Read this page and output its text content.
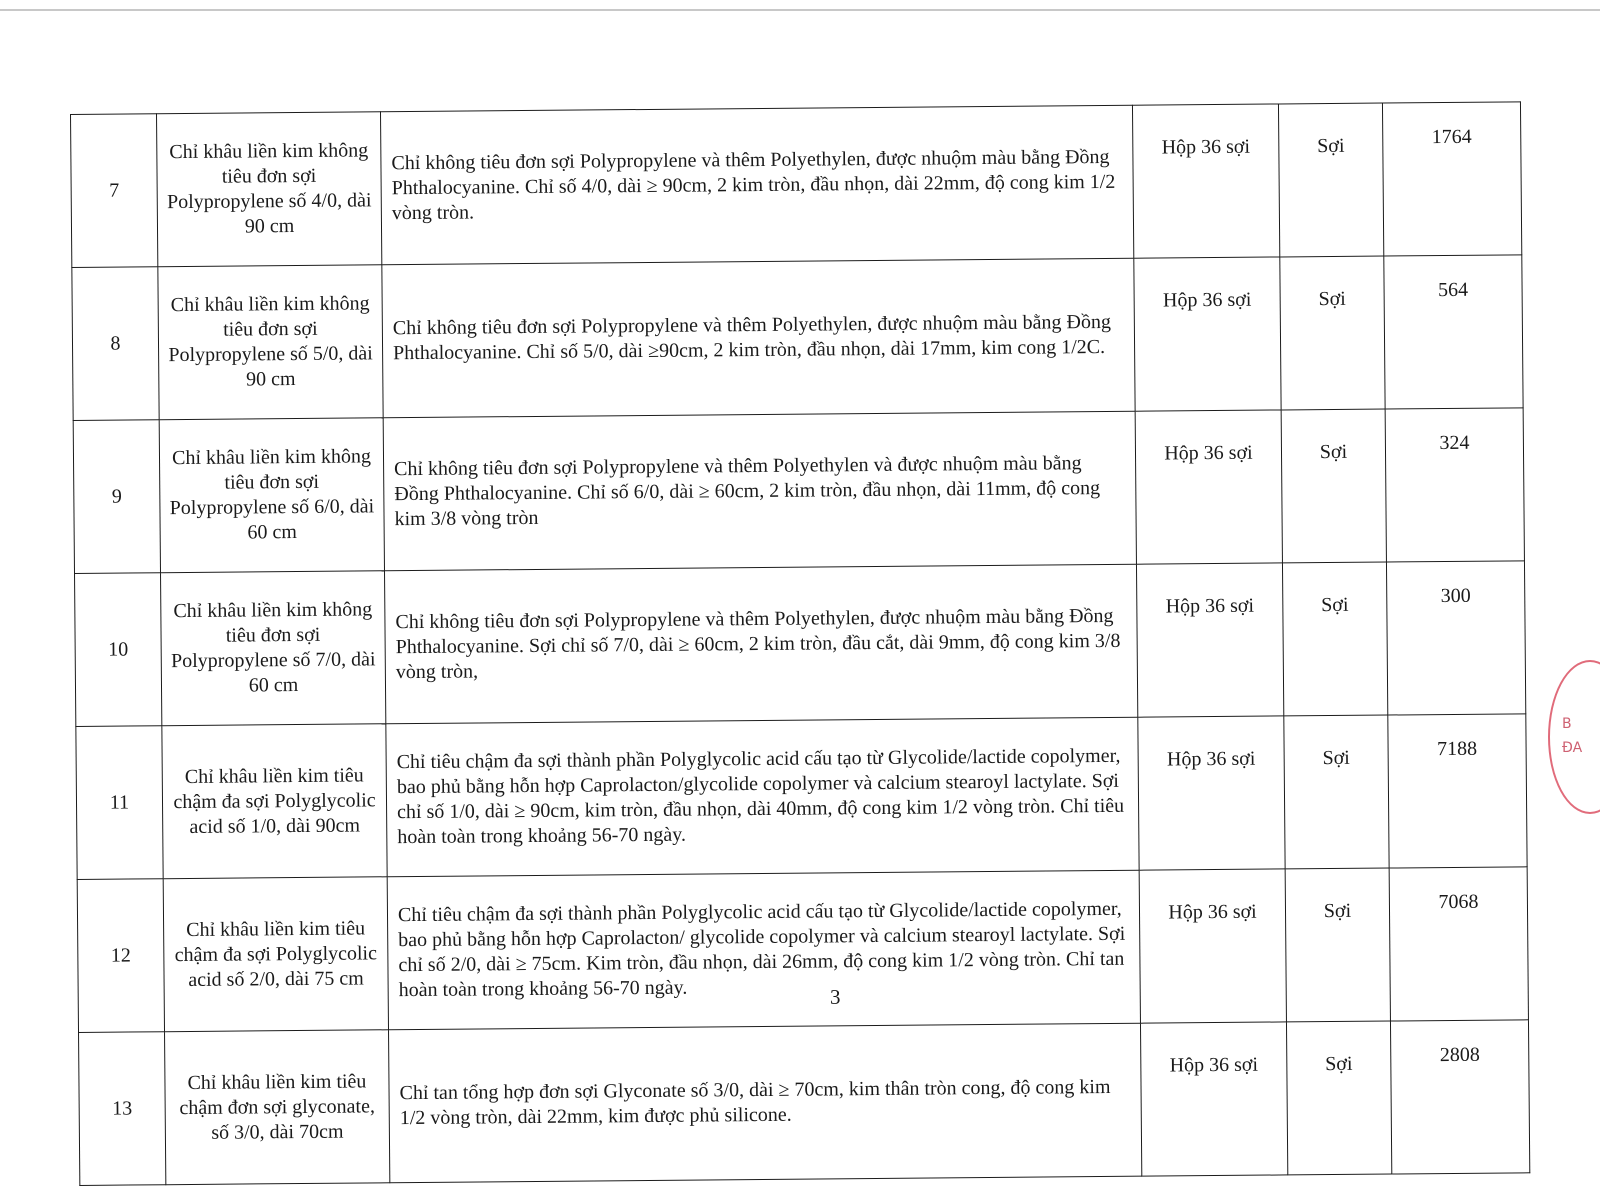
7	Chỉ khâu liền kim không tiêu đơn sợi Polypropylene số 4/0, dài 90 cm	Chỉ không tiêu đơn sợi Polypropylene và thêm Polyethylen, được nhuộm màu bằng Đồng Phthalocyanine. Chỉ số 4/0, dài ≥ 90cm, 2 kim tròn, đầu nhọn, dài 22mm, độ cong kim 1/2 vòng tròn.	Hộp 36 sợi	Sợi	1764
8	Chỉ khâu liền kim không tiêu đơn sợi Polypropylene số 5/0, dài 90 cm	Chỉ không tiêu đơn sợi Polypropylene và thêm Polyethylen, được nhuộm màu bằng Đồng Phthalocyanine. Chỉ số 5/0, dài ≥90cm, 2 kim tròn, đầu nhọn, dài 17mm, kim cong 1/2C.	Hộp 36 sợi	Sợi	564
9	Chỉ khâu liền kim không tiêu đơn sợi Polypropylene số 6/0, dài 60 cm	Chỉ không tiêu đơn sợi Polypropylene và thêm Polyethylen và được nhuộm màu bằng Đồng Phthalocyanine. Chỉ số 6/0, dài ≥ 60cm, 2 kim tròn, đầu nhọn, dài 11mm, độ cong kim 3/8 vòng tròn	Hộp 36 sợi	Sợi	324
10	Chỉ khâu liền kim không tiêu đơn sợi Polypropylene số 7/0, dài 60 cm	Chỉ không tiêu đơn sợi Polypropylene và thêm Polyethylen, được nhuộm màu bằng Đồng Phthalocyanine. Sợi chỉ số 7/0, dài ≥ 60cm, 2 kim tròn, đầu cắt, dài 9mm, độ cong kim 3/8 vòng tròn,	Hộp 36 sợi	Sợi	300
11	Chỉ khâu liền kim tiêu chậm đa sợi Polyglycolic acid số 1/0, dài 90cm	Chỉ tiêu chậm đa sợi thành phần Polyglycolic acid cấu tạo từ Glycolide/lactide copolymer, bao phủ bằng hỗn hợp Caprolacton/glycolide copolymer và calcium stearoyl lactylate. Sợi chỉ số 1/0, dài ≥ 90cm, kim tròn, đầu nhọn, dài 40mm, độ cong kim 1/2 vòng tròn. Chỉ tiêu hoàn toàn trong khoảng 56-70 ngày.	Hộp 36 sợi	Sợi	7188
12	Chỉ khâu liền kim tiêu chậm đa sợi Polyglycolic acid số 2/0, dài 75 cm	Chỉ tiêu chậm đa sợi thành phần Polyglycolic acid cấu tạo từ Glycolide/lactide copolymer, bao phủ bằng hỗn hợp Caprolacton/ glycolide copolymer và calcium stearoyl lactylate. Sợi chỉ số 2/0, dài ≥ 75cm. Kim tròn, đầu nhọn, dài 26mm, độ cong kim 1/2 vòng tròn. Chỉ tan hoàn toàn trong khoảng 56-70 ngày.	Hộp 36 sợi	Sợi	7068
13	Chỉ khâu liền kim tiêu chậm đơn sợi glyconate, số 3/0, dài 70cm	Chỉ tan tổng hợp đơn sợi Glyconate số 3/0, dài ≥ 70cm, kim thân tròn cong, độ cong kim 1/2 vòng tròn, dài 22mm, kim được phủ silicone.	Hộp 36 sợi	Sợi	2808
3
B
ĐA
